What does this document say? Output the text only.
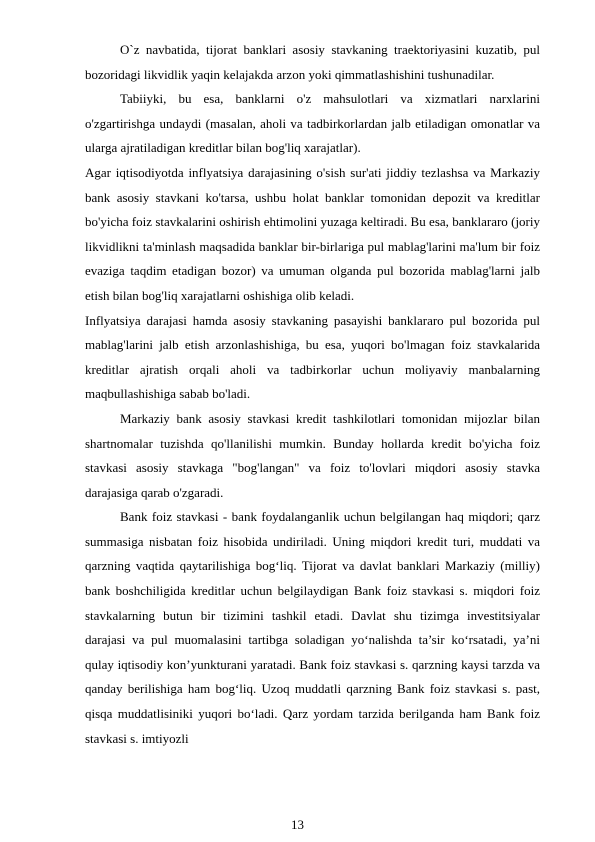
O`z navbatida, tijorat banklari asosiy stavkaning traektoriyasini kuzatib, pul bozoridagi likvidlik yaqin kelajakda arzon yoki qimmatlashishini tushunadilar.

Tabiiyki, bu esa, banklarni o'z mahsulotlari va xizmatlari narxlarini o'zgartirishga undaydi (masalan, aholi va tadbirkorlardan jalb etiladigan omonatlar va ularga ajratiladigan kreditlar bilan bog'liq xarajatlar).

Agar iqtisodiyotda inflyatsiya darajasining o'sish sur'ati jiddiy tezlashsa va Markaziy bank asosiy stavkani ko'tarsa, ushbu holat banklar tomonidan depozit va kreditlar bo'yicha foiz stavkalarini oshirish ehtimolini yuzaga keltiradi. Bu esa, banklararo (joriy likvidlikni ta'minlash maqsadida banklar bir-birlariga pul mablag'larini ma'lum bir foiz evaziga taqdim etadigan bozor) va umuman olganda pul bozorida mablag'larni jalb etish bilan bog'liq xarajatlarni oshishiga olib keladi.

Inflyatsiya darajasi hamda asosiy stavkaning pasayishi banklararo pul bozorida pul mablag'larini jalb etish arzonlashishiga, bu esa, yuqori bo'lmagan foiz stavkalarida kreditlar ajratish orqali aholi va tadbirkorlar uchun moliyaviy manbalarning maqbullashishiga sabab bo'ladi.

Markaziy bank asosiy stavkasi kredit tashkilotlari tomonidan mijozlar bilan shartnomalar tuzishda qo'llanilishi mumkin. Bunday hollarda kredit bo'yicha foiz stavkasi asosiy stavkaga "bog'langan" va foiz to'lovlari miqdori asosiy stavka darajasiga qarab o'zgaradi.

Bank foiz stavkasi - bank foydalanganlik uchun belgilangan haq miqdori; qarz summasiga nisbatan foiz hisobida undiriladi. Uning miqdori kredit turi, muddati va qarzning vaqtida qaytarilishiga bog‘liq. Tijorat va davlat banklari Markaziy (milliy) bank boshchiligida kreditlar uchun belgilaydigan Bank foiz stavkasi s. miqdori foiz stavkalarning butun bir tizimini tashkil etadi. Davlat shu tizimga investitsiyalar darajasi va pul muomalasini tartibga soladigan yo‘nalishda ta’sir ko‘rsatadi, ya’ni qulay iqtisodiy kon’yunkturani yaratadi. Bank foiz stavkasi s. qarzning kaysi tarzda va qanday berilishiga ham bog‘liq. Uzoq muddatli qarzning Bank foiz stavkasi s. past, qisqa muddatlisiniki yuqori bo‘ladi. Qarz yordam tarzida berilganda ham Bank foiz stavkasi s. imtiyozli

13
